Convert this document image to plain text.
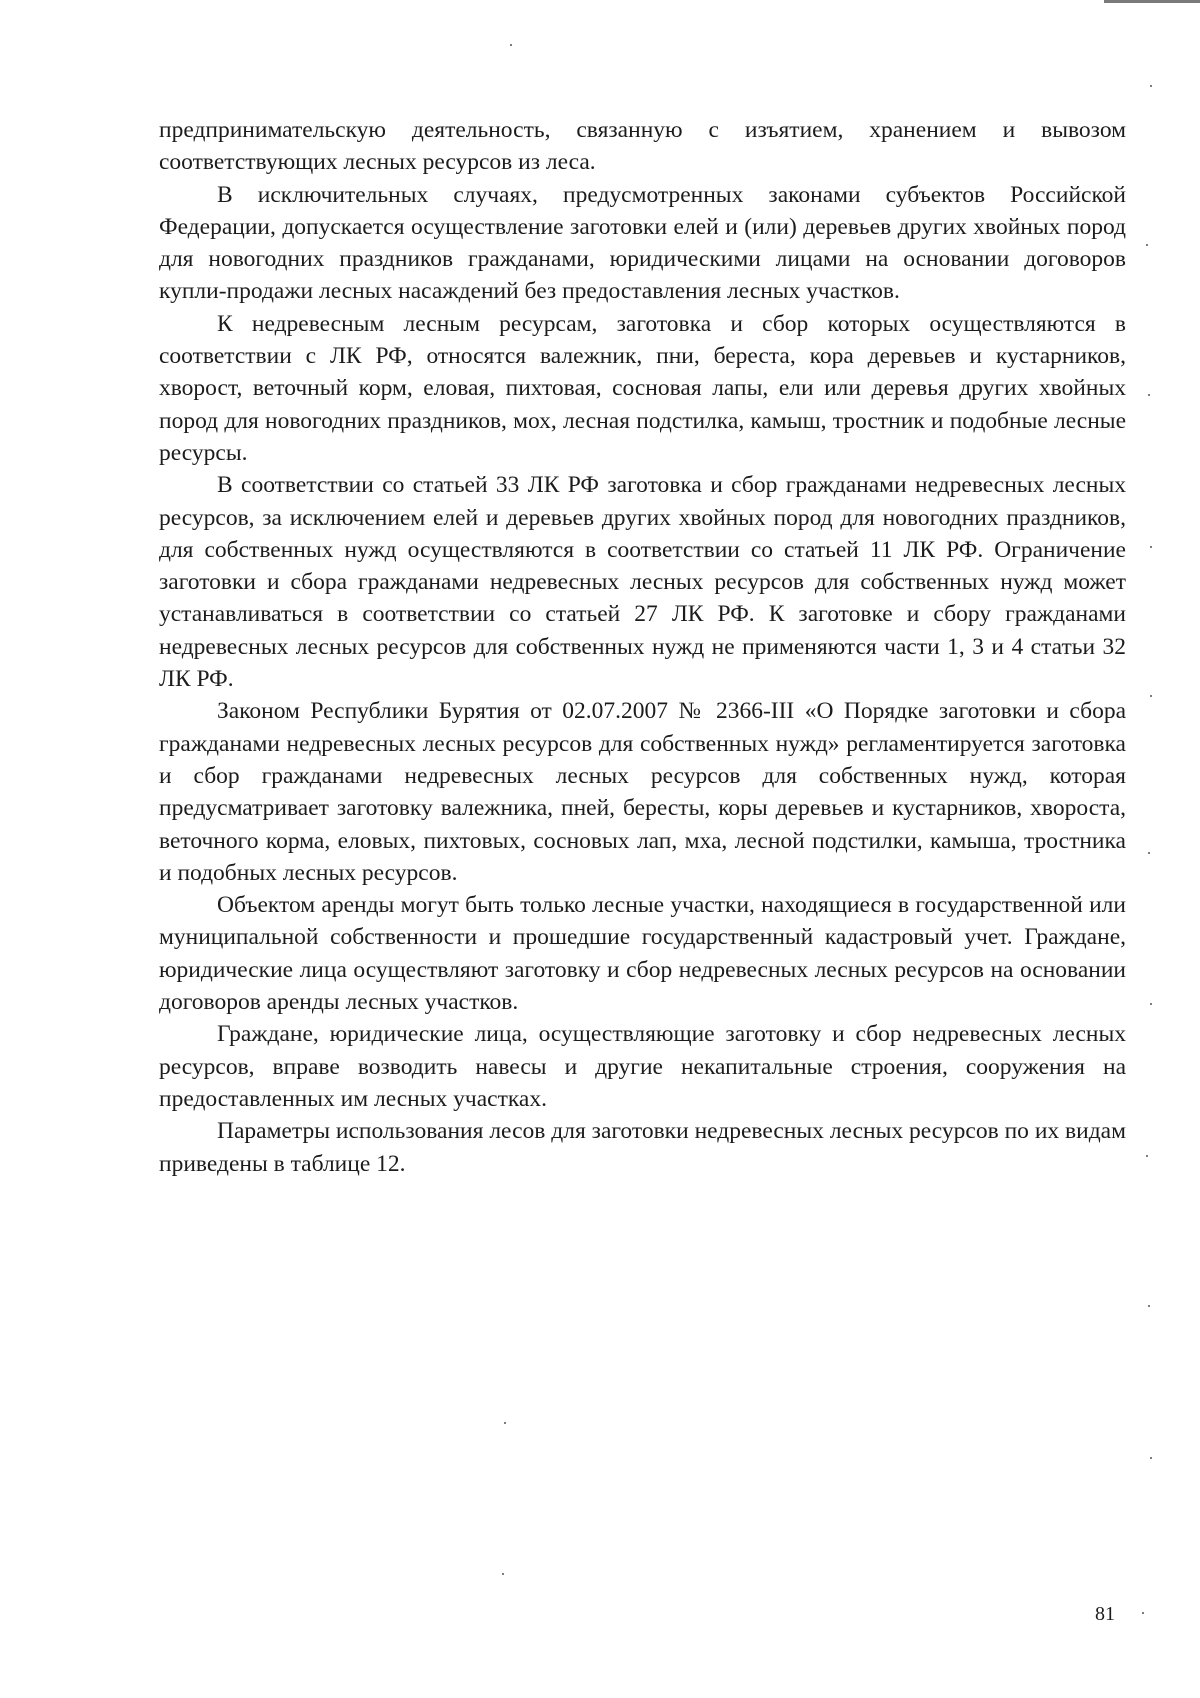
предпринимательскую деятельность, связанную с изъятием, хранением и вывозом соответствующих лесных ресурсов из леса.

В исключительных случаях, предусмотренных законами субъектов Российской Федерации, допускается осуществление заготовки елей и (или) деревьев других хвойных пород для новогодних праздников гражданами, юридическими лицами на основании договоров купли-продажи лесных насаждений без предоставления лесных участков.

К недревесным лесным ресурсам, заготовка и сбор которых осуществляются в соответствии с ЛК РФ, относятся валежник, пни, береста, кора деревьев и кустарников, хворост, веточный корм, еловая, пихтовая, сосновая лапы, ели или деревья других хвойных пород для новогодних праздников, мох, лесная подстилка, камыш, тростник и подобные лесные ресурсы.

В соответствии со статьей 33 ЛК РФ заготовка и сбор гражданами недревесных лесных ресурсов, за исключением елей и деревьев других хвойных пород для новогодних праздников, для собственных нужд осуществляются в соответствии со статьей 11 ЛК РФ. Ограничение заготовки и сбора гражданами недревесных лесных ресурсов для собственных нужд может устанавливаться в соответствии со статьей 27 ЛК РФ. К заготовке и сбору гражданами недревесных лесных ресурсов для собственных нужд не применяются части 1, 3 и 4 статьи 32 ЛК РФ.

Законом Республики Бурятия от 02.07.2007 № 2366-III «О Порядке заготовки и сбора гражданами недревесных лесных ресурсов для собственных нужд» регламентируется заготовка и сбор гражданами недревесных лесных ресурсов для собственных нужд, которая предусматривает заготовку валежника, пней, бересты, коры деревьев и кустарников, хвороста, веточного корма, еловых, пихтовых, сосновых лап, мха, лесной подстилки, камыша, тростника и подобных лесных ресурсов.

Объектом аренды могут быть только лесные участки, находящиеся в государственной или муниципальной собственности и прошедшие государственный кадастровый учет. Граждане, юридические лица осуществляют заготовку и сбор недревесных лесных ресурсов на основании договоров аренды лесных участков.

Граждане, юридические лица, осуществляющие заготовку и сбор недревесных лесных ресурсов, вправе возводить навесы и другие некапитальные строения, сооружения на предоставленных им лесных участках.

Параметры использования лесов для заготовки недревесных лесных ресурсов по их видам приведены в таблице 12.

81
